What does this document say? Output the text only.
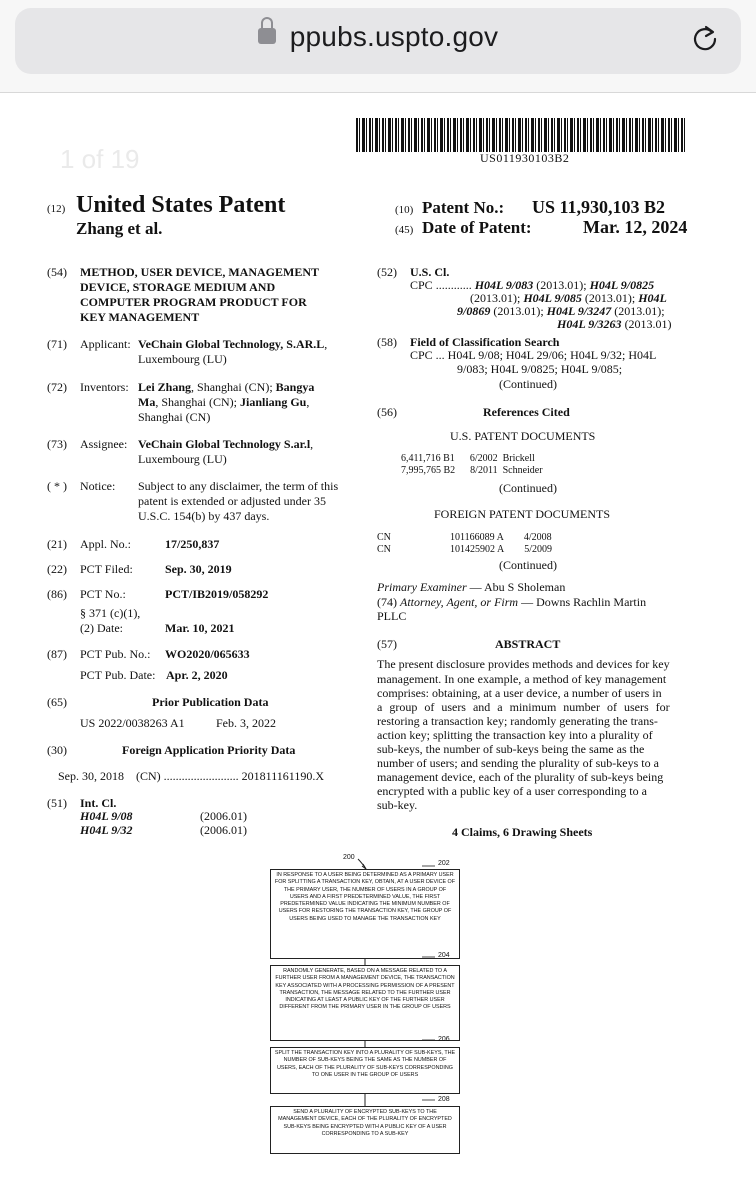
ppubs.uspto.gov
1 of 19	US011930103B2
(12) United States Patent
Zhang et al.
(10) Patent No.: US 11,930,103 B2
(45) Date of Patent:	Mar. 12, 2024
(54) METHOD, USER DEVICE, MANAGEMENT
DEVICE, STORAGE MEDIUM AND
COMPUTER PROGRAM PRODUCT FOR
KEY MANAGEMENT
(71) Applicant: VeChain Global Technology, S.AR.L,
Luxembourg (LU)
(72) Inventors: Lei Zhang, Shanghai (CN); Bangya
Ma, Shanghai (CN); Jianliang Gu,
Shanghai (CN)
(73) Assignee: VeChain Global Technology S.ar.l,
Luxembourg (LU)
( * ) Notice: Subject to any disclaimer, the term of this
patent is extended or adjusted under 35
U.S.C. 154(b) by 437 days.
(21) Appl. No.:	17/250,837
(22) PCT Filed:	Sep. 30, 2019
(86) PCT No.:	PCT/IB2019/058292
§ 371 (c)(1),
(2) Date:	Mar. 10, 2021
(87) PCT Pub. No.: WO2020/065633
PCT Pub. Date: Apr. 2, 2020
(65)	Prior Publication Data
US 2022/0038263 A1	Feb. 3, 2022
(30)	Foreign Application Priority Data
Sep. 30, 2018 (CN) ......................... 201811161190.X
(51) Int. Cl.
H04L 9/08	(2006.01)
H04L 9/32	(2006.01)
(52) U.S. Cl.
CPC ............ H04L 9/083 (2013.01); H04L 9/0825
(2013.01); H04L 9/085 (2013.01); H04L
9/0869 (2013.01); H04L 9/3247 (2013.01);
H04L 9/3263 (2013.01)
(58) Field of Classification Search
CPC ... H04L 9/08; H04L 29/06; H04L 9/32; H04L
9/083; H04L 9/0825; H04L 9/085;
(Continued)
(56)	References Cited
U.S. PATENT DOCUMENTS
6,411,716 B1 6/2002 Brickell
7,995,765 B2 8/2011 Schneider
(Continued)
FOREIGN PATENT DOCUMENTS
CN	101166089 A 4/2008
CN	101425902 A 5/2009
(Continued)
Primary Examiner — Abu S Sholeman
(74) Attorney, Agent, or Firm — Downs Rachlin Martin
PLLC
(57)	ABSTRACT
The present disclosure provides methods and devices for key
management. In one example, a method of key management
comprises: obtaining, at a user device, a number of users in
a group of users and a minimum number of users for
restoring a transaction key; randomly generating the trans-
action key; splitting the transaction key into a plurality of
sub-keys, the number of sub-keys being the same as the
number of users; and sending the plurality of sub-keys to a
management device, each of the plurality of sub-keys being
encrypted with a public key of a user corresponding to a
sub-key.
4 Claims, 6 Drawing Sheets
200
202
IN RESPONSE TO A USER BEING DETERMINED AS A PRIMARY USER FOR SPLITTING A TRANSACTION KEY, OBTAIN, AT A USER DEVICE OF THE PRIMARY USER, THE NUMBER OF USERS IN A GROUP OF USERS AND A FIRST PREDETERMINED VALUE, THE FIRST PREDETERMINED VALUE INDICATING THE MINIMUM NUMBER OF USERS FOR RESTORING THE TRANSACTION KEY, THE GROUP OF USERS BEING USED TO MANAGE THE TRANSACTION KEY
204
RANDOMLY GENERATE, BASED ON A MESSAGE RELATED TO A FURTHER USER FROM A MANAGEMENT DEVICE, THE TRANSACTION KEY ASSOCIATED WITH A PROCESSING PERMISSION OF A PRESENT TRANSACTION, THE MESSAGE RELATED TO THE FURTHER USER INDICATING AT LEAST A PUBLIC KEY OF THE FURTHER USER DIFFERENT FROM THE PRIMARY USER IN THE GROUP OF USERS
206
SPLIT THE TRANSACTION KEY INTO A PLURALITY OF SUB-KEYS, THE NUMBER OF SUB-KEYS BEING THE SAME AS THE NUMBER OF USERS, EACH OF THE PLURALITY OF SUB-KEYS CORRESPONDING TO ONE USER IN THE GROUP OF USERS
208
SEND A PLURALITY OF ENCRYPTED SUB-KEYS TO THE MANAGEMENT DEVICE, EACH OF THE PLURALITY OF ENCRYPTED SUB-KEYS BEING ENCRYPTED WITH A PUBLIC KEY OF A USER CORRESPONDING TO A SUB-KEY
